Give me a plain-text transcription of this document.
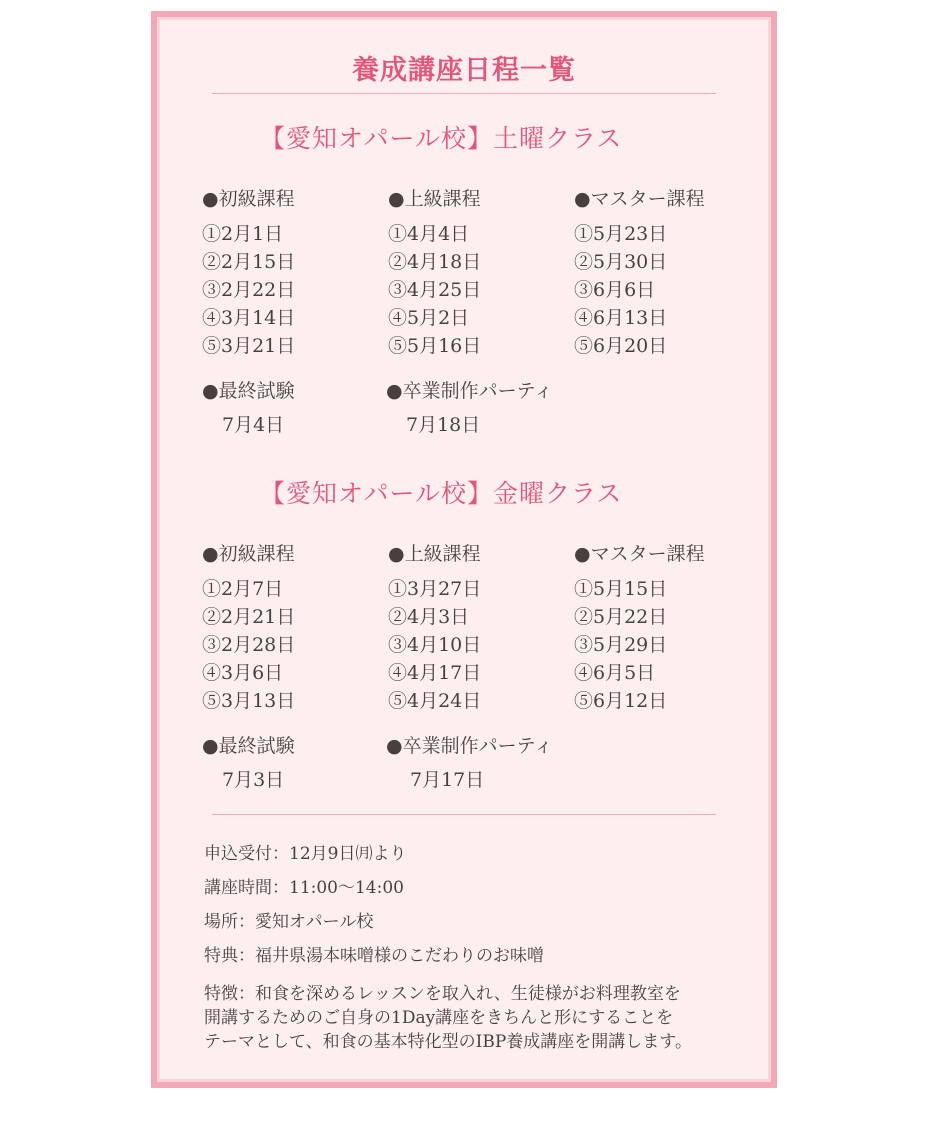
養成講座日程一覧
【愛知オパール校】土曜クラス
●初級課程
①2月1日
②2月15日
③2月22日
④3月14日
⑤3月21日
●上級課程
①4月4日
②4月18日
③4月25日
④5月2日
⑤5月16日
●マスター課程
①5月23日
②5月30日
③6月6日
④6月13日
⑤6月20日
●最終試験
7月4日
●卒業制作パーティ
7月18日
【愛知オパール校】金曜クラス
●初級課程
①2月7日
②2月21日
③2月28日
④3月6日
⑤3月13日
●上級課程
①3月27日
②4月3日
③4月10日
④4月17日
⑤4月24日
●マスター課程
①5月15日
②5月22日
③5月29日
④6月5日
⑤6月12日
●最終試験
7月3日
●卒業制作パーティ
7月17日
申込受付：12月9日㈪より
講座時間：11:00〜14:00
場所：愛知オパール校
特典：福井県湯本味噌様のこだわりのお味噌
特徴：和食を深めるレッスンを取入れ、生徒様がお料理教室を
開講するためのご自身の1Day講座をきちんと形にすることを
テーマとして、和食の基本特化型のIBP養成講座を開講します。
